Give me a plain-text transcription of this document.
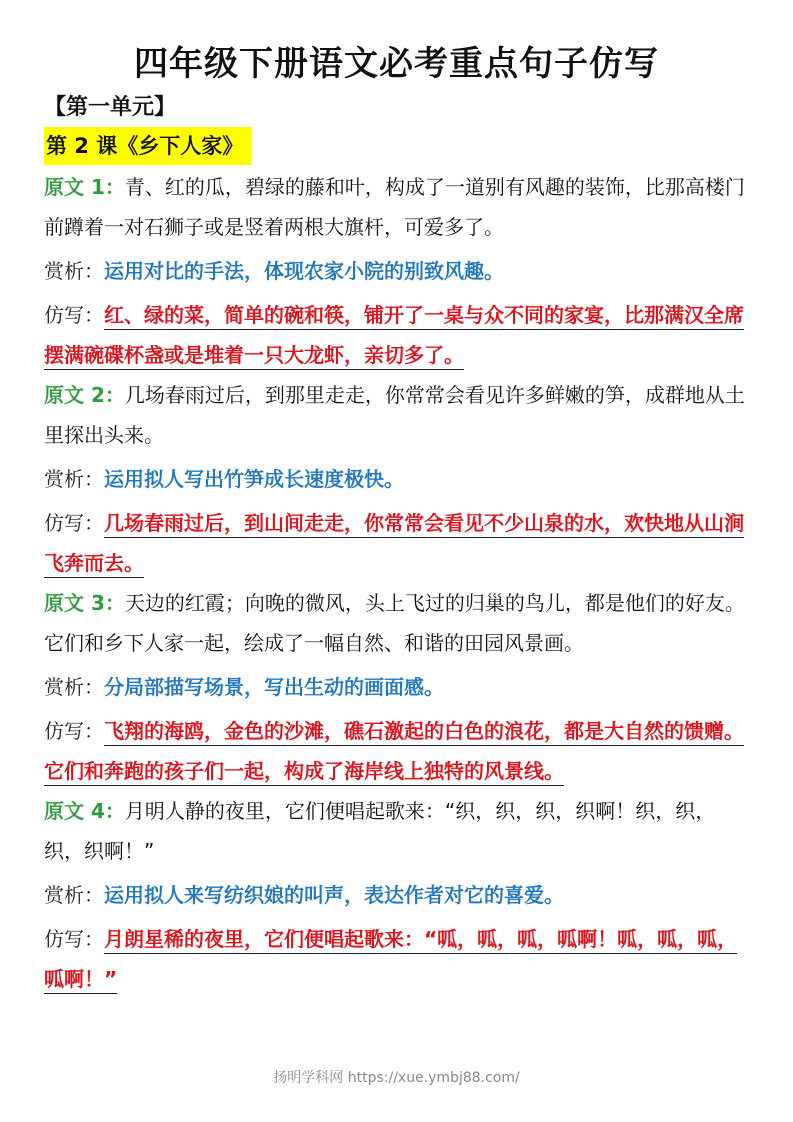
四年级下册语文必考重点句子仿写
【第一单元】
第 2 课《乡下人家》

原文 1：青、红的瓜，碧绿的藤和叶，构成了一道别有风趣的装饰，比那高楼门前蹲着一对石狮子或是竖着两根大旗杆，可爱多了。

赏析：运用对比的手法，体现农家小院的别致风趣。

仿写：红、绿的菜，简单的碗和筷，铺开了一桌与众不同的家宴，比那满汉全席摆满碗碟杯盏或是堆着一只大龙虾，亲切多了。

原文 2：几场春雨过后，到那里走走，你常常会看见许多鲜嫩的笋，成群地从土里探出头来。

赏析：运用拟人写出竹笋成长速度极快。

仿写：几场春雨过后，到山间走走，你常常会看见不少山泉的水，欢快地从山涧飞奔而去。

原文 3：天边的红霞；向晚的微风，头上飞过的归巢的鸟儿，都是他们的好友。它们和乡下人家一起，绘成了一幅自然、和谐的田园风景画。

赏析：分局部描写场景，写出生动的画面感。

仿写：飞翔的海鸥，金色的沙滩，礁石激起的白色的浪花，都是大自然的馈赠。它们和奔跑的孩子们一起，构成了海岸线上独特的风景线。

原文 4：月明人静的夜里，它们便唱起歌来：“织，织，织，织啊！织，织，织，织啊！”

赏析：运用拟人来写纺织娘的叫声，表达作者对它的喜爱。

仿写：月朗星稀的夜里，它们便唱起歌来：“呱，呱，呱，呱啊！呱，呱，呱，呱啊！”

扬明学科网 https://xue.ymbj88.com/
